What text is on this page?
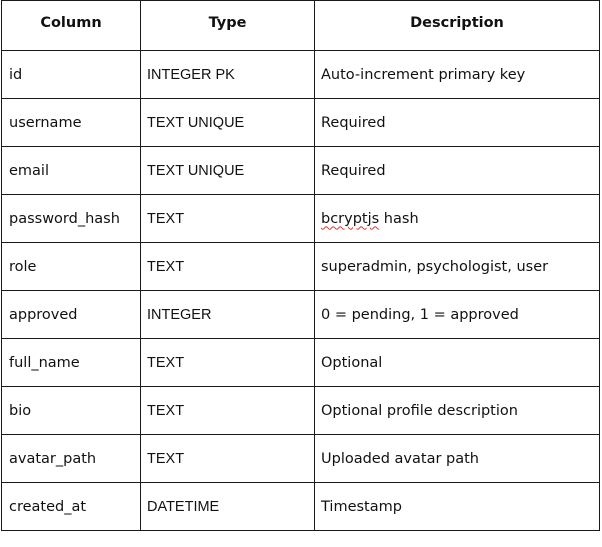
Column	Type	Description
id	INTEGER PK	Auto-increment primary key
username	TEXT UNIQUE	Required
email	TEXT UNIQUE	Required
password_hash	TEXT	bcryptjs hash
role	TEXT	superadmin, psychologist, user
approved	INTEGER	0 = pending, 1 = approved
full_name	TEXT	Optional
bio	TEXT	Optional profile description
avatar_path	TEXT	Uploaded avatar path
created_at	DATETIME	Timestamp
